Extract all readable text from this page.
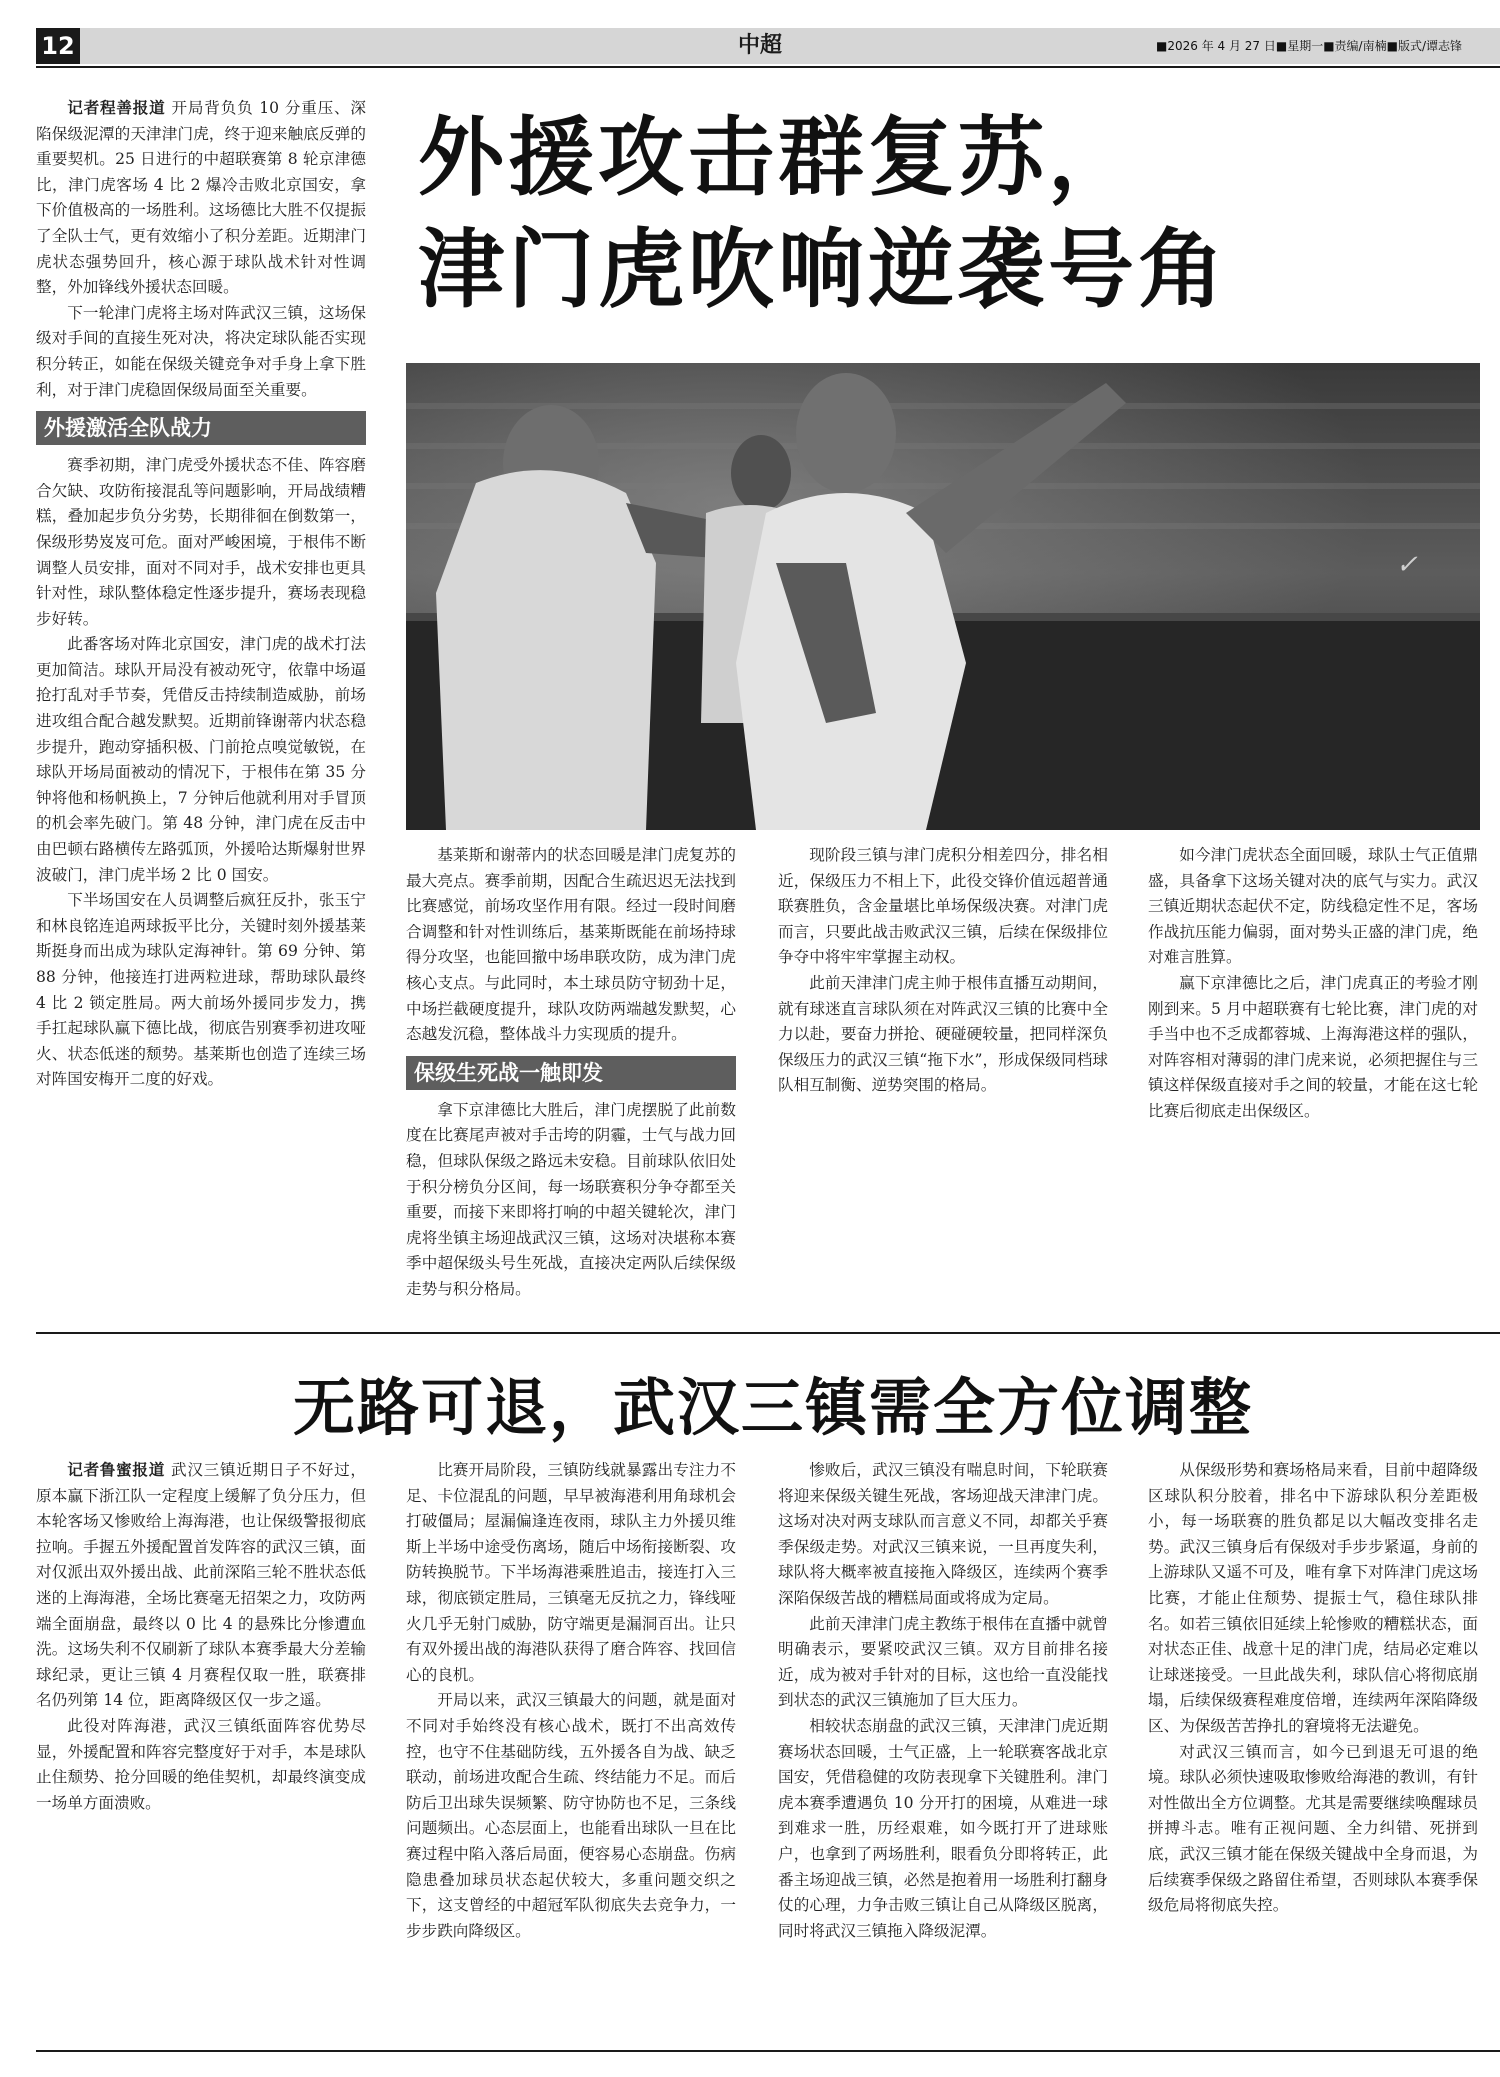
12	中超	■2026 年 4 月 27 日■星期一■责编/南楠■版式/谭志锋
外援攻击群复苏，
津门虎吹响逆袭号角
✓

记者程善报道 开局背负负 10 分重压、深陷保级泥潭的天津津门虎，终于迎来触底反弹的重要契机。25 日进行的中超联赛第 8 轮京津德比，津门虎客场 4 比 2 爆冷击败北京国安，拿下价值极高的一场胜利。这场德比大胜不仅提振了全队士气，更有效缩小了积分差距。近期津门虎状态强势回升，核心源于球队战术针对性调整，外加锋线外援状态回暖。

下一轮津门虎将主场对阵武汉三镇，这场保级对手间的直接生死对决，将决定球队能否实现积分转正，如能在保级关键竞争对手身上拿下胜利，对于津门虎稳固保级局面至关重要。

外援激活全队战力

赛季初期，津门虎受外援状态不佳、阵容磨合欠缺、攻防衔接混乱等问题影响，开局战绩糟糕，叠加起步负分劣势，长期徘徊在倒数第一，保级形势岌岌可危。面对严峻困境，于根伟不断调整人员安排，面对不同对手，战术安排也更具针对性，球队整体稳定性逐步提升，赛场表现稳步好转。

此番客场对阵北京国安，津门虎的战术打法更加简洁。球队开局没有被动死守，依靠中场逼抢打乱对手节奏，凭借反击持续制造威胁，前场进攻组合配合越发默契。近期前锋谢蒂内状态稳步提升，跑动穿插积极、门前抢点嗅觉敏锐，在球队开场局面被动的情况下，于根伟在第 35 分钟将他和杨帆换上，7 分钟后他就利用对手冒顶的机会率先破门。第 48 分钟，津门虎在反击中由巴顿右路横传左路弧顶，外援哈达斯爆射世界波破门，津门虎半场 2 比 0 国安。

下半场国安在人员调整后疯狂反扑，张玉宁和林良铭连追两球扳平比分，关键时刻外援基莱斯挺身而出成为球队定海神针。第 69 分钟、第 88 分钟，他接连打进两粒进球，帮助球队最终 4 比 2 锁定胜局。两大前场外援同步发力，携手扛起球队赢下德比战，彻底告别赛季初进攻哑火、状态低迷的颓势。基莱斯也创造了连续三场对阵国安梅开二度的好戏。

基莱斯和谢蒂内的状态回暖是津门虎复苏的最大亮点。赛季前期，因配合生疏迟迟无法找到比赛感觉，前场攻坚作用有限。经过一段时间磨合调整和针对性训练后，基莱斯既能在前场持球得分攻坚，也能回撤中场串联攻防，成为津门虎核心支点。与此同时，本土球员防守韧劲十足，中场拦截硬度提升，球队攻防两端越发默契，心态越发沉稳，整体战斗力实现质的提升。

保级生死战一触即发

拿下京津德比大胜后，津门虎摆脱了此前数度在比赛尾声被对手击垮的阴霾，士气与战力回稳，但球队保级之路远未安稳。目前球队依旧处于积分榜负分区间，每一场联赛积分争夺都至关重要，而接下来即将打响的中超关键轮次，津门虎将坐镇主场迎战武汉三镇，这场对决堪称本赛季中超保级头号生死战，直接决定两队后续保级走势与积分格局。

现阶段三镇与津门虎积分相差四分，排名相近，保级压力不相上下，此役交锋价值远超普通联赛胜负，含金量堪比单场保级决赛。对津门虎而言，只要此战击败武汉三镇，后续在保级排位争夺中将牢牢掌握主动权。

此前天津津门虎主帅于根伟直播互动期间，就有球迷直言球队须在对阵武汉三镇的比赛中全力以赴，要奋力拼抢、硬碰硬较量，把同样深负保级压力的武汉三镇“拖下水”，形成保级同档球队相互制衡、逆势突围的格局。

如今津门虎状态全面回暖，球队士气正值鼎盛，具备拿下这场关键对决的底气与实力。武汉三镇近期状态起伏不定，防线稳定性不足，客场作战抗压能力偏弱，面对势头正盛的津门虎，绝对难言胜算。

赢下京津德比之后，津门虎真正的考验才刚刚到来。5 月中超联赛有七轮比赛，津门虎的对手当中也不乏成都蓉城、上海海港这样的强队，对阵容相对薄弱的津门虎来说，必须把握住与三镇这样保级直接对手之间的较量，才能在这七轮比赛后彻底走出保级区。

无路可退，武汉三镇需全方位调整

记者鲁蜜报道 武汉三镇近期日子不好过，原本赢下浙江队一定程度上缓解了负分压力，但本轮客场又惨败给上海海港，也让保级警报彻底拉响。手握五外援配置首发阵容的武汉三镇，面对仅派出双外援出战、此前深陷三轮不胜状态低迷的上海海港，全场比赛毫无招架之力，攻防两端全面崩盘，最终以 0 比 4 的悬殊比分惨遭血洗。这场失利不仅刷新了球队本赛季最大分差输球纪录，更让三镇 4 月赛程仅取一胜，联赛排名仍列第 14 位，距离降级区仅一步之遥。

此役对阵海港，武汉三镇纸面阵容优势尽显，外援配置和阵容完整度好于对手，本是球队止住颓势、抢分回暖的绝佳契机，却最终演变成一场单方面溃败。

比赛开局阶段，三镇防线就暴露出专注力不足、卡位混乱的问题，早早被海港利用角球机会打破僵局；屋漏偏逢连夜雨，球队主力外援贝维斯上半场中途受伤离场，随后中场衔接断裂、攻防转换脱节。下半场海港乘胜追击，接连打入三球，彻底锁定胜局，三镇毫无反抗之力，锋线哑火几乎无射门威胁，防守端更是漏洞百出。让只有双外援出战的海港队获得了磨合阵容、找回信心的良机。

开局以来，武汉三镇最大的问题，就是面对不同对手始终没有核心战术，既打不出高效传控，也守不住基础防线，五外援各自为战、缺乏联动，前场进攻配合生疏、终结能力不足。而后防后卫出球失误频繁、防守协防也不足，三条线问题频出。心态层面上，也能看出球队一旦在比赛过程中陷入落后局面，便容易心态崩盘。伤病隐患叠加球员状态起伏较大，多重问题交织之下，这支曾经的中超冠军队彻底失去竞争力，一步步跌向降级区。

惨败后，武汉三镇没有喘息时间，下轮联赛将迎来保级关键生死战，客场迎战天津津门虎。这场对决对两支球队而言意义不同，却都关乎赛季保级走势。对武汉三镇来说，一旦再度失利，球队将大概率被直接拖入降级区，连续两个赛季深陷保级苦战的糟糕局面或将成为定局。

此前天津津门虎主教练于根伟在直播中就曾明确表示，要紧咬武汉三镇。双方目前排名接近，成为被对手针对的目标，这也给一直没能找到状态的武汉三镇施加了巨大压力。

相较状态崩盘的武汉三镇，天津津门虎近期赛场状态回暖，士气正盛，上一轮联赛客战北京国安，凭借稳健的攻防表现拿下关键胜利。津门虎本赛季遭遇负 10 分开打的困境，从难进一球到难求一胜，历经艰难，如今既打开了进球账户，也拿到了两场胜利，眼看负分即将转正，此番主场迎战三镇，必然是抱着用一场胜利打翻身仗的心理，力争击败三镇让自己从降级区脱离，同时将武汉三镇拖入降级泥潭。

从保级形势和赛场格局来看，目前中超降级区球队积分胶着，排名中下游球队积分差距极小，每一场联赛的胜负都足以大幅改变排名走势。武汉三镇身后有保级对手步步紧逼，身前的上游球队又遥不可及，唯有拿下对阵津门虎这场比赛，才能止住颓势、提振士气，稳住球队排名。如若三镇依旧延续上轮惨败的糟糕状态，面对状态正佳、战意十足的津门虎，结局必定难以让球迷接受。一旦此战失利，球队信心将彻底崩塌，后续保级赛程难度倍增，连续两年深陷降级区、为保级苦苦挣扎的窘境将无法避免。

对武汉三镇而言，如今已到退无可退的绝境。球队必须快速吸取惨败给海港的教训，有针对性做出全方位调整。尤其是需要继续唤醒球员拼搏斗志。唯有正视问题、全力纠错、死拼到底，武汉三镇才能在保级关键战中全身而退，为后续赛季保级之路留住希望，否则球队本赛季保级危局将彻底失控。
